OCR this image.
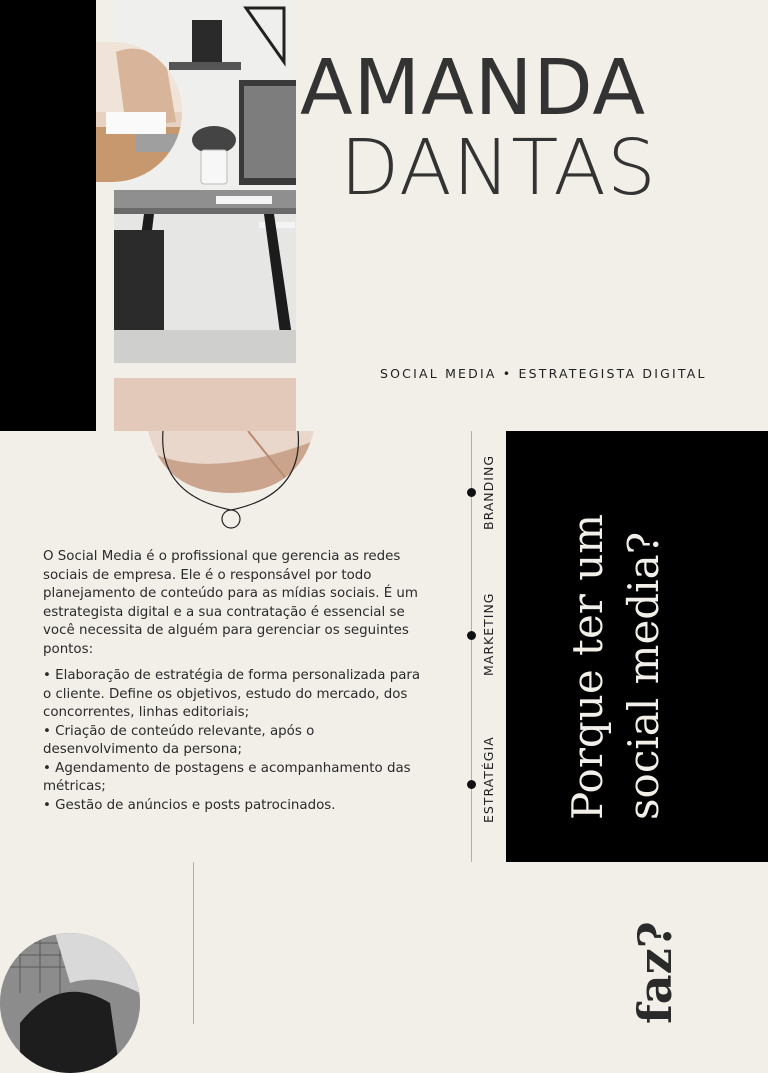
AMANDA
DANTAS
SOCIAL MEDIA • ESTRATEGISTA DIGITAL

O Social Media é o profissional que gerencia as redes sociais de empresa. Ele é o responsável por todo planejamento de conteúdo para as mídias sociais. É um estrategista digital e a sua contratação é essencial se você necessita de alguém para gerenciar os seguintes pontos:

• Elaboração de estratégia de forma personalizada para o cliente. Define os objetivos, estudo do mercado, dos concorrentes, linhas editoriais;
• Criação de conteúdo relevante, após o desenvolvimento da persona;
• Agendamento de postagens e acompanhamento das métricas;
• Gestão de anúncios e posts patrocinados.
BRANDING
MARKETING
ESTRATÉGIA Porque ter um social media?
faz?
